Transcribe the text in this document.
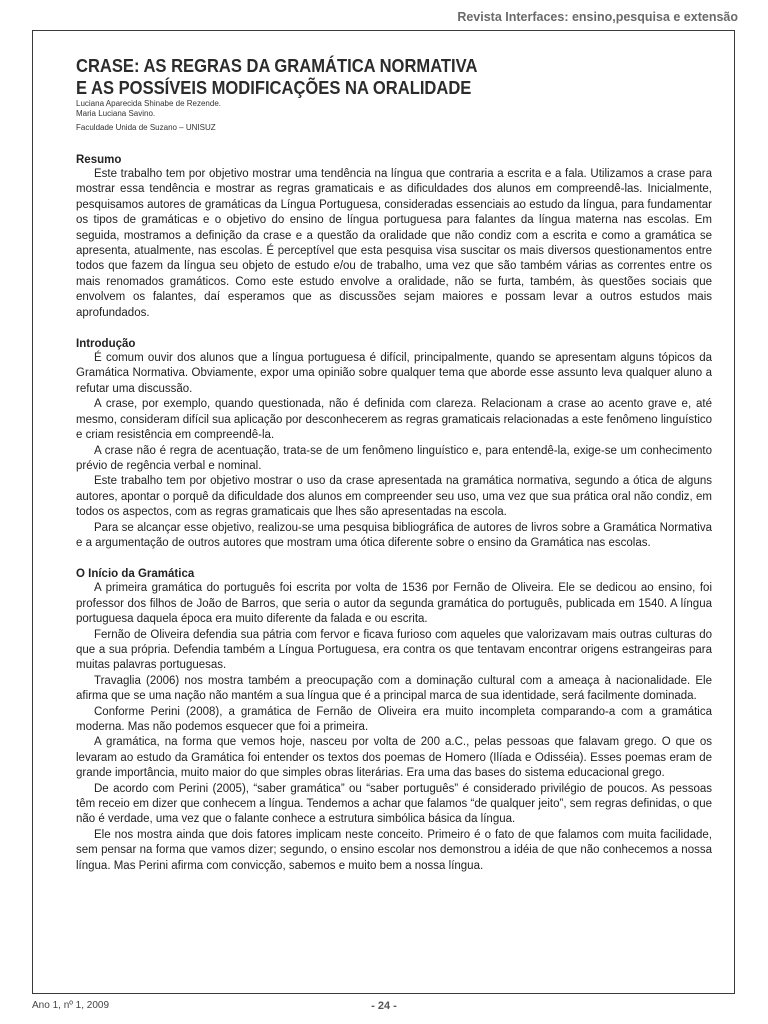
Revista Interfaces: ensino,pesquisa e extensão
CRASE: AS REGRAS DA GRAMÁTICA NORMATIVA
E AS POSSÍVEIS MODIFICAÇÕES NA ORALIDADE
Luciana Aparecida Shinabe de Rezende.
Maria Luciana Savino.
Faculdade Unida de Suzano – UNISUZ
Resumo

Este trabalho tem por objetivo mostrar uma tendência na língua que contraria a escrita e a fala. Utilizamos a crase para mostrar essa tendência e mostrar as regras gramaticais e as dificuldades dos alunos em compreendê-las. Inicialmente, pesquisamos autores de gramáticas da Língua Portuguesa, consideradas essenciais ao estudo da língua, para fundamentar os tipos de gramáticas e o objetivo do ensino de língua portuguesa para falantes da língua materna nas escolas. Em seguida, mostramos a definição da crase e a questão da oralidade que não condiz com a escrita e como a gramática se apresenta, atualmente, nas escolas. É perceptível que esta pesquisa visa suscitar os mais diversos questionamentos entre todos que fazem da língua seu objeto de estudo e/ou de trabalho, uma vez que são também várias as correntes entre os mais renomados gramáticos. Como este estudo envolve a oralidade, não se furta, também, às questões sociais que envolvem os falantes, daí esperamos que as discussões sejam maiores e possam levar a outros estudos mais aprofundados.

Introdução

É comum ouvir dos alunos que a língua portuguesa é difícil, principalmente, quando se apresentam alguns tópicos da Gramática Normativa. Obviamente, expor uma opinião sobre qualquer tema que aborde esse assunto leva qualquer aluno a refutar uma discussão.

A crase, por exemplo, quando questionada, não é definida com clareza. Relacionam a crase ao acento grave e, até mesmo, consideram difícil sua aplicação por desconhecerem as regras gramaticais relacionadas a este fenômeno linguístico e criam resistência em compreendê-la.

A crase não é regra de acentuação, trata-se de um fenômeno linguístico e, para entendê-la, exige-se um conhecimento prévio de regência verbal e nominal.

Este trabalho tem por objetivo mostrar o uso da crase apresentada na gramática normativa, segundo a ótica de alguns autores, apontar o porquê da dificuldade dos alunos em compreender seu uso, uma vez que sua prática oral não condiz, em todos os aspectos, com as regras gramaticais que lhes são apresentadas na escola.

Para se alcançar esse objetivo, realizou-se uma pesquisa bibliográfica de autores de livros sobre a Gramática Normativa e a argumentação de outros autores que mostram uma ótica diferente sobre o ensino da Gramática nas escolas.

O Início da Gramática

A primeira gramática do português foi escrita por volta de 1536 por Fernão de Oliveira. Ele se dedicou ao ensino, foi professor dos filhos de João de Barros, que seria o autor da segunda gramática do português, publicada em 1540. A língua portuguesa daquela época era muito diferente da falada e ou escrita.

Fernão de Oliveira defendia sua pátria com fervor e ficava furioso com aqueles que valorizavam mais outras culturas do que a sua própria. Defendia também a Língua Portuguesa, era contra os que tentavam encontrar origens estrangeiras para muitas palavras portuguesas.

Travaglia (2006) nos mostra também a preocupação com a dominação cultural com a ameaça à nacionalidade. Ele afirma que se uma nação não mantém a sua língua que é a principal marca de sua identidade, será facilmente dominada.

Conforme Perini (2008), a gramática de Fernão de Oliveira era muito incompleta comparando-a com a gramática moderna. Mas não podemos esquecer que foi a primeira.

A gramática, na forma que vemos hoje, nasceu por volta de 200 a.C., pelas pessoas que falavam grego. O que os levaram ao estudo da Gramática foi entender os textos dos poemas de Homero (Ilíada e Odisséia). Esses poemas eram de grande importância, muito maior do que simples obras literárias. Era uma das bases do sistema educacional grego.

De acordo com Perini (2005), “saber gramática” ou “saber português” é considerado privilégio de poucos. As pessoas têm receio em dizer que conhecem a língua. Tendemos a achar que falamos “de qualquer jeito”, sem regras definidas, o que não é verdade, uma vez que o falante conhece a estrutura simbólica básica da língua.

Ele nos mostra ainda que dois fatores implicam neste conceito. Primeiro é o fato de que falamos com muita facilidade, sem pensar na forma que vamos dizer; segundo, o ensino escolar nos demonstrou a idéia de que não conhecemos a nossa língua. Mas Perini afirma com convicção, sabemos e muito bem a nossa língua.

Ano 1, nº 1, 2009	- 24 -
